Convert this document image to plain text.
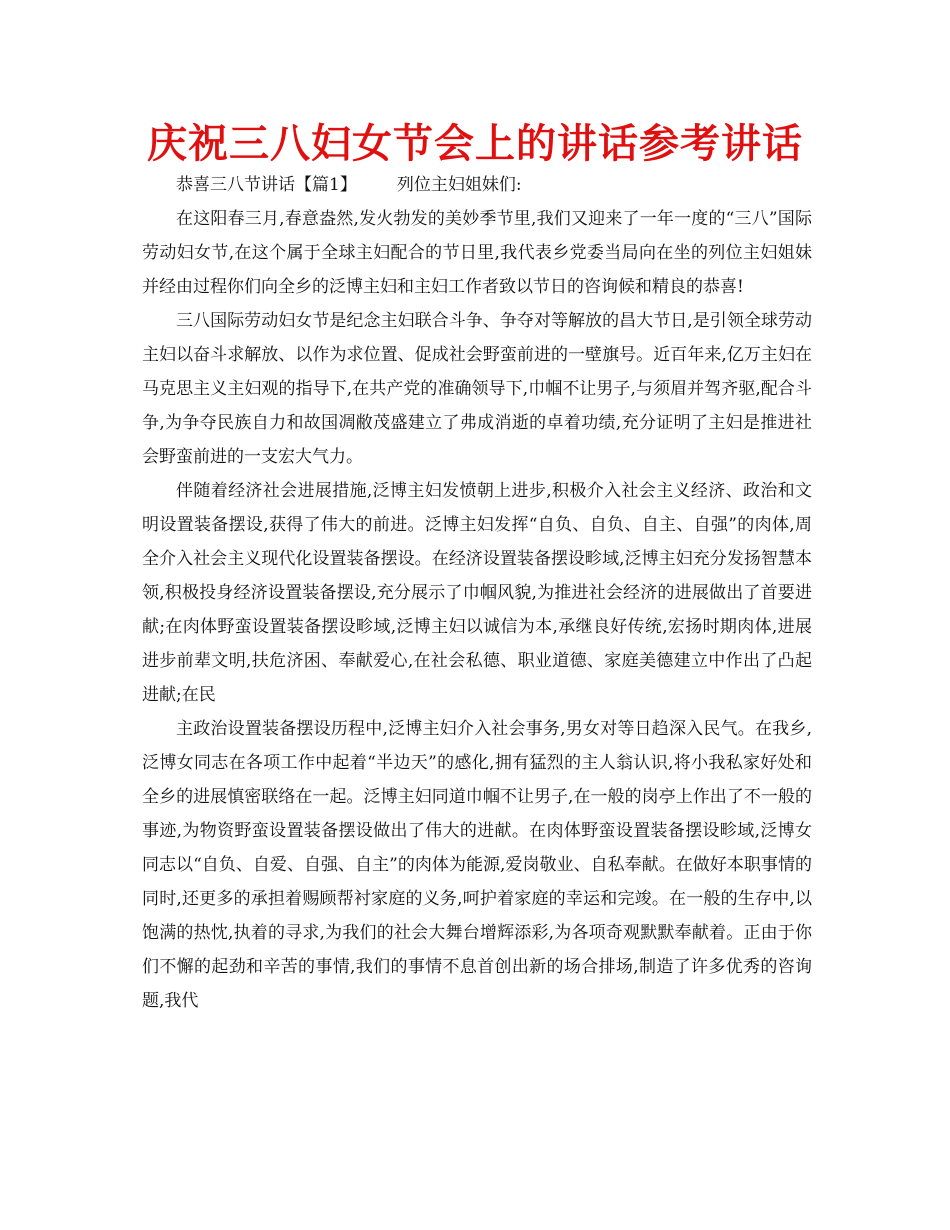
庆祝三八妇女节会上的讲话参考讲话

恭喜三八节讲话【篇1】 列位主妇姐妹们:

在这阳春三月,春意盎然,发火勃发的美妙季节里,我们又迎来了一年一度的“三八”国际劳动妇女节,在这个属于全球主妇配合的节日里,我代表乡党委当局向在坐的列位主妇姐妹并经由过程你们向全乡的泛博主妇和主妇工作者致以节日的咨询候和精良的恭喜!

三八国际劳动妇女节是纪念主妇联合斗争、争夺对等解放的昌大节日,是引领全球劳动主妇以奋斗求解放、以作为求位置、促成社会野蛮前进的一壁旗号。近百年来,亿万主妇在马克思主义主妇观的指导下,在共产党的准确领导下,巾帼不让男子,与须眉并驾齐驱,配合斗争,为争夺民族自力和故国凋敝茂盛建立了弗成消逝的卓着功绩,充分证明了主妇是推进社会野蛮前进的一支宏大气力。

伴随着经济社会进展措施,泛博主妇发愤朝上进步,积极介入社会主义经济、政治和文明设置装备摆设,获得了伟大的前进。泛博主妇发挥“自负、自负、自主、自强”的肉体,周全介入社会主义现代化设置装备摆设。在经济设置装备摆设畛域,泛博主妇充分发扬智慧本领,积极投身经济设置装备摆设,充分展示了巾帼风貌,为推进社会经济的进展做出了首要进献;在肉体野蛮设置装备摆设畛域,泛博主妇以诚信为本,承继良好传统,宏扬时期肉体,进展进步前辈文明,扶危济困、奉献爱心,在社会私德、职业道德、家庭美德建立中作出了凸起进献;在民

主政治设置装备摆设历程中,泛博主妇介入社会事务,男女对等日趋深入民气。在我乡,泛博女同志在各项工作中起着“半边天”的感化,拥有猛烈的主人翁认识,将小我私家好处和全乡的进展慎密联络在一起。泛博主妇同道巾帼不让男子,在一般的岗亭上作出了不一般的事迹,为物资野蛮设置装备摆设做出了伟大的进献。在肉体野蛮设置装备摆设畛域,泛博女同志以“自负、自爱、自强、自主”的肉体为能源,爱岗敬业、自私奉献。在做好本职事情的同时,还更多的承担着赐顾帮衬家庭的义务,呵护着家庭的幸运和完竣。在一般的生存中,以饱满的热忱,执着的寻求,为我们的社会大舞台增辉添彩,为各项奇观默默奉献着。正由于你们不懈的起劲和辛苦的事情,我们的事情不息首创出新的场合排场,制造了许多优秀的咨询题,我代
